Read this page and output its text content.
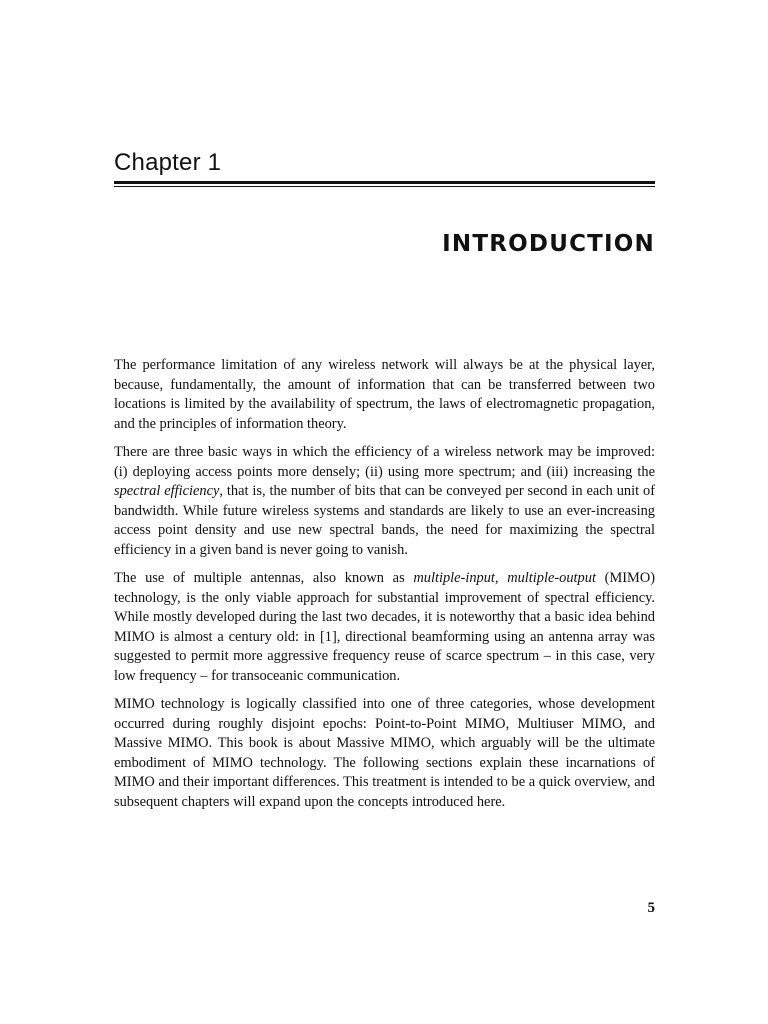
Chapter 1
INTRODUCTION

The performance limitation of any wireless network will always be at the physical layer, because, fundamentally, the amount of information that can be transferred between two locations is limited by the availability of spectrum, the laws of electromagnetic propagation, and the principles of information theory.

There are three basic ways in which the efficiency of a wireless network may be improved: (i) deploying access points more densely; (ii) using more spectrum; and (iii) increasing the spectral efficiency, that is, the number of bits that can be conveyed per second in each unit of bandwidth. While future wireless systems and standards are likely to use an ever-increasing access point density and use new spectral bands, the need for maximizing the spectral efficiency in a given band is never going to vanish.

The use of multiple antennas, also known as multiple-input, multiple-output (MIMO) technology, is the only viable approach for substantial improvement of spectral efficiency. While mostly developed during the last two decades, it is noteworthy that a basic idea behind MIMO is almost a century old: in [1], directional beamforming using an antenna array was suggested to permit more aggressive frequency reuse of scarce spectrum – in this case, very low frequency – for transoceanic communication.

MIMO technology is logically classified into one of three categories, whose development occurred during roughly disjoint epochs: Point-to-Point MIMO, Multiuser MIMO, and Massive MIMO. This book is about Massive MIMO, which arguably will be the ultimate embodiment of MIMO technology. The following sections explain these incarnations of MIMO and their important differences. This treatment is intended to be a quick overview, and subsequent chapters will expand upon the concepts introduced here.

5
